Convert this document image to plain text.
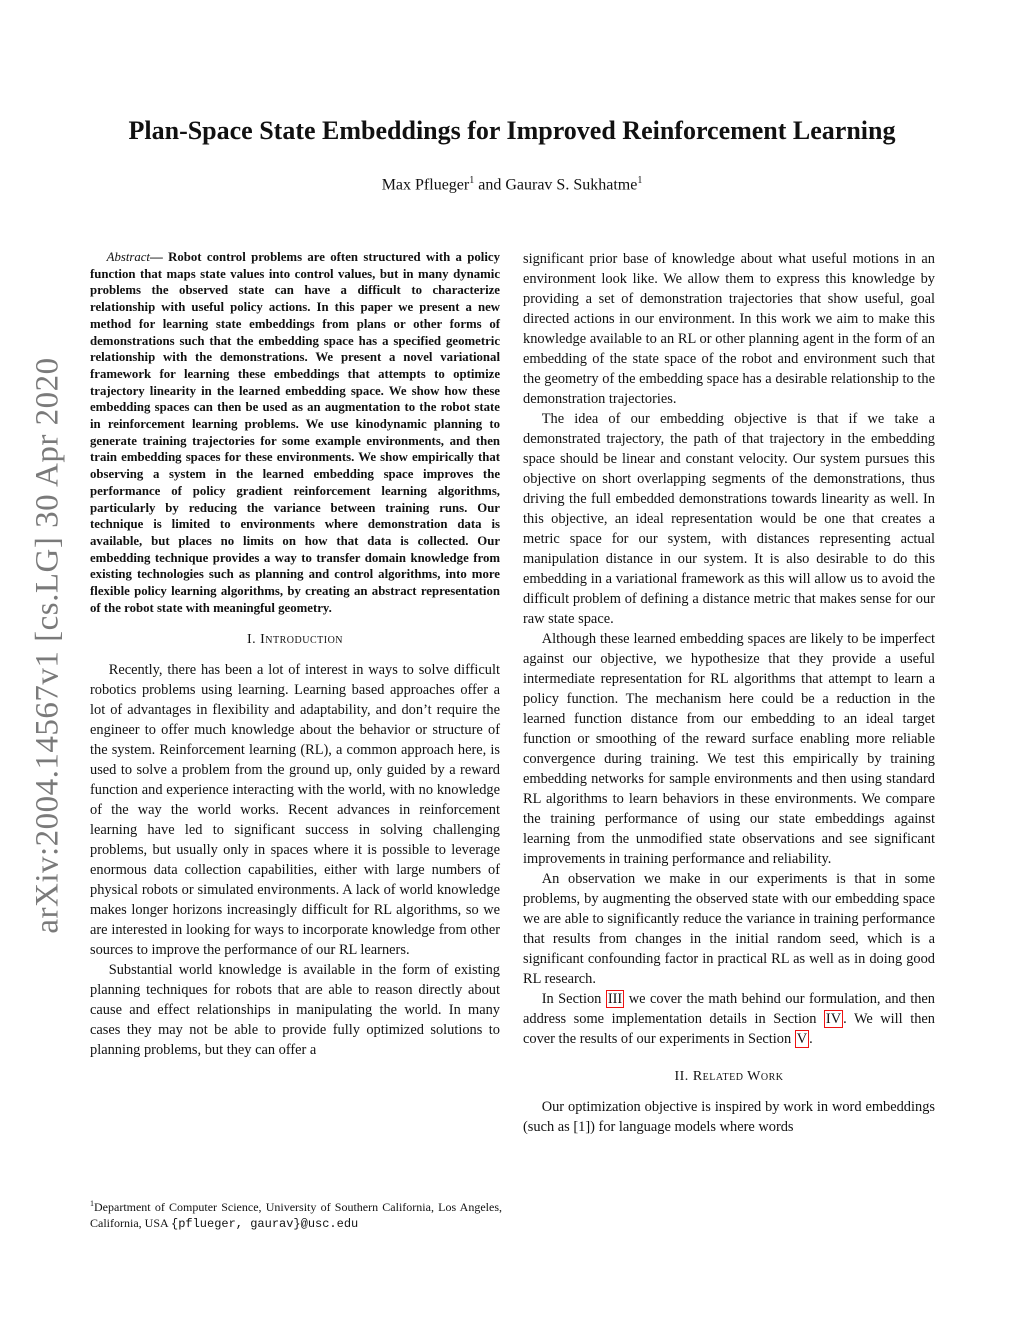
arXiv:2004.14567v1 [cs.LG] 30 Apr 2020
Plan-Space State Embeddings for Improved Reinforcement Learning
Max Pflueger$^1$ and Gaurav S. Sukhatme$^1$

Abstract— Robot control problems are often structured with a policy function that maps state values into control values, but in many dynamic problems the observed state can have a difficult to characterize relationship with useful policy actions. In this paper we present a new method for learning state embeddings from plans or other forms of demonstrations such that the embedding space has a specified geometric relationship with the demonstrations. We present a novel variational framework for learning these embeddings that attempts to optimize trajectory linearity in the learned embedding space. We show how these embedding spaces can then be used as an augmentation to the robot state in reinforcement learning problems. We use kinodynamic planning to generate training trajectories for some example environments, and then train embedding spaces for these environments. We show empirically that observing a system in the learned embedding space improves the performance of policy gradient reinforcement learning algorithms, particularly by reducing the variance between training runs. Our technique is limited to environments where demonstration data is available, but places no limits on how that data is collected. Our embedding technique provides a way to transfer domain knowledge from existing technologies such as planning and control algorithms, into more flexible policy learning algorithms, by creating an abstract representation of the robot state with meaningful geometry.

I. Introduction

Recently, there has been a lot of interest in ways to solve difficult robotics problems using learning. Learning based approaches offer a lot of advantages in flexibility and adaptability, and don’t require the engineer to offer much knowledge about the behavior or structure of the system. Reinforcement learning (RL), a common approach here, is used to solve a problem from the ground up, only guided by a reward function and experience interacting with the world, with no knowledge of the way the world works. Recent advances in reinforcement learning have led to significant success in solving challenging problems, but usually only in spaces where it is possible to leverage enormous data collection capabilities, either with large numbers of physical robots or simulated environments. A lack of world knowledge makes longer horizons increasingly difficult for RL algorithms, so we are interested in looking for ways to incorporate knowledge from other sources to improve the performance of our RL learners.

Substantial world knowledge is available in the form of existing planning techniques for robots that are able to reason directly about cause and effect relationships in manipulating the world. In many cases they may not be able to provide fully optimized solutions to planning problems, but they can offer a

significant prior base of knowledge about what useful motions in an environment look like. We allow them to express this knowledge by providing a set of demonstration trajectories that show useful, goal directed actions in our environment. In this work we aim to make this knowledge available to an RL or other planning agent in the form of an embedding of the state space of the robot and environment such that the geometry of the embedding space has a desirable relationship to the demonstration trajectories.

The idea of our embedding objective is that if we take a demonstrated trajectory, the path of that trajectory in the embedding space should be linear and constant velocity. Our system pursues this objective on short overlapping segments of the demonstrations, thus driving the full embedded demonstrations towards linearity as well. In this objective, an ideal representation would be one that creates a metric space for our system, with distances representing actual manipulation distance in our system. It is also desirable to do this embedding in a variational framework as this will allow us to avoid the difficult problem of defining a distance metric that makes sense for our raw state space.

Although these learned embedding spaces are likely to be imperfect against our objective, we hypothesize that they provide a useful intermediate representation for RL algorithms that attempt to learn a policy function. The mechanism here could be a reduction in the learned function distance from our embedding to an ideal target function or smoothing of the reward surface enabling more reliable convergence during training. We test this empirically by training embedding networks for sample environments and then using standard RL algorithms to learn behaviors in these environments. We compare the training performance of using our state embeddings against learning from the unmodified state observations and see significant improvements in training performance and reliability.

An observation we make in our experiments is that in some problems, by augmenting the observed state with our embedding space we are able to significantly reduce the variance in training performance that results from changes in the initial random seed, which is a significant confounding factor in practical RL as well as in doing good RL research.

In Section III we cover the math behind our formulation, and then address some implementation details in Section IV . We will then cover the results of our experiments in Section V .

II. Related Work

Our optimization objective is inspired by work in word embeddings (such as [1]) for language models where words

$^1$Department of Computer Science, University of Southern California, Los Angeles, California, USA {pflueger, gaurav}@usc.edu
